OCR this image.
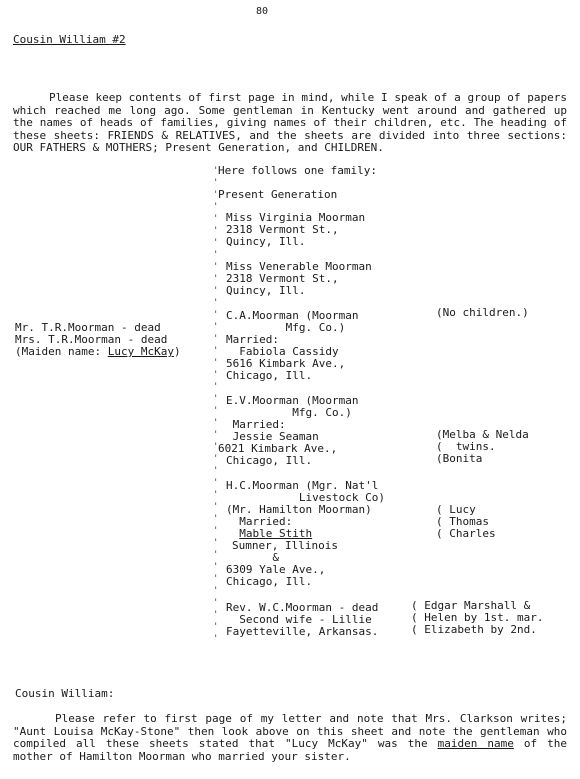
80
Cousin William #2
Please keep contents of first page in mind, while I speak of a group of papers which reached me long ago. Some gentleman in Kentucky went around and gathered up the names of heads of families, giving names of their children, etc. The heading of these sheets: FRIENDS & RELATIVES, and the sheets are divided into three sections: OUR FATHERS & MOTHERS; Present Generation, and CHILDREN.
Here follows one family:
Present Generation
Mr. T.R.Moorman - dead
Mrs. T.R.Moorman - dead
(Maiden name: Lucy McKay)
'
'
'
'
'
'
'
'
'
'
'
'
'
'
'
'
'
'
'
'
'
'
'
'
'
'
'
'
'
'
'
'
'
'
'
'
'
'
'
'
Miss Virginia Moorman
2318 Vermont St.,
Quincy, Ill.
Miss Venerable Moorman
2318 Vermont St.,
Quincy, Ill.
C.A.Moorman (Moorman
Mfg. Co.)
Married:
Fabiola Cassidy
5616 Kimbark Ave.,
Chicago, Ill.
(No children.)
E.V.Moorman (Moorman
Mfg. Co.)
Married:
Jessie Seaman
6021 Kimbark Ave.,
Chicago, Ill.
(Melba & Nelda
(  twins.
(Bonita
H.C.Moorman (Mgr. Nat'l
Livestock Co)
(Mr. Hamilton Moorman)
Married:
Mable Stith
Sumner, Illinois
&
6309 Yale Ave.,
Chicago, Ill.
( Lucy
( Thomas
( Charles
Rev. W.C.Moorman - dead
Second wife - Lillie
Fayetteville, Arkansas.
( Edgar Marshall &
( Helen by 1st. mar.
( Elizabeth by 2nd.
Cousin William:
Please refer to first page of my letter and note that Mrs. Clarkson writes; "Aunt Louisa McKay-Stone" then look above on this sheet and note the gentleman who compiled all these sheets stated that "Lucy McKay" was the maiden name of the mother of Hamilton Moorman who married your sister.
